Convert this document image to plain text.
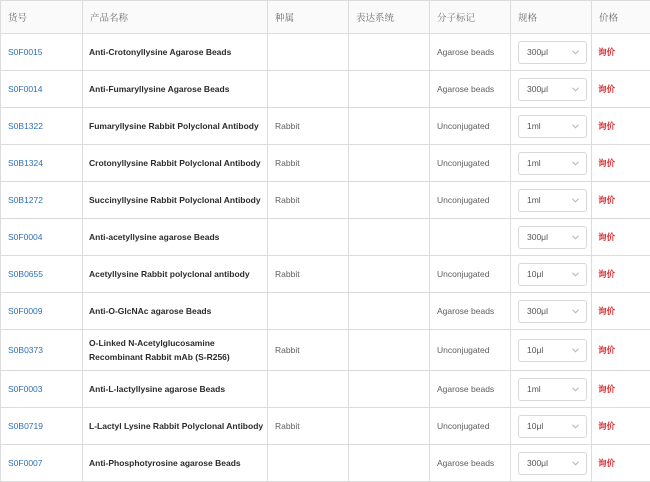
货号	产品名称	种属	表达系统	分子标记	规格	价格
S0F0015	Anti-Crotonyllysine Agarose Beads			Agarose beads	300μl	询价
S0F0014	Anti-Fumaryllysine Agarose Beads			Agarose beads	300μl	询价
S0B1322	Fumaryllysine Rabbit Polyclonal Antibody	Rabbit		Unconjugated	1ml	询价
S0B1324	Crotonyllysine Rabbit Polyclonal Antibody	Rabbit		Unconjugated	1ml	询价
S0B1272	Succinyllysine Rabbit Polyclonal Antibody	Rabbit		Unconjugated	1ml	询价
S0F0004	Anti-acetyllysine agarose Beads				300μl	询价
S0B0655	Acetyllysine Rabbit polyclonal antibody	Rabbit		Unconjugated	10μl	询价
S0F0009	Anti-O-GlcNAc agarose Beads			Agarose beads	300μl	询价
S0B0373	O-Linked N-Acetylglucosamine Recombinant Rabbit mAb (S-R256)	Rabbit		Unconjugated	10μl	询价
S0F0003	Anti-L-lactyllysine agarose Beads			Agarose beads	1ml	询价
S0B0719	L-Lactyl Lysine Rabbit Polyclonal Antibody	Rabbit		Unconjugated	10μl	询价
S0F0007	Anti-Phosphotyrosine agarose Beads			Agarose beads	300μl	询价
